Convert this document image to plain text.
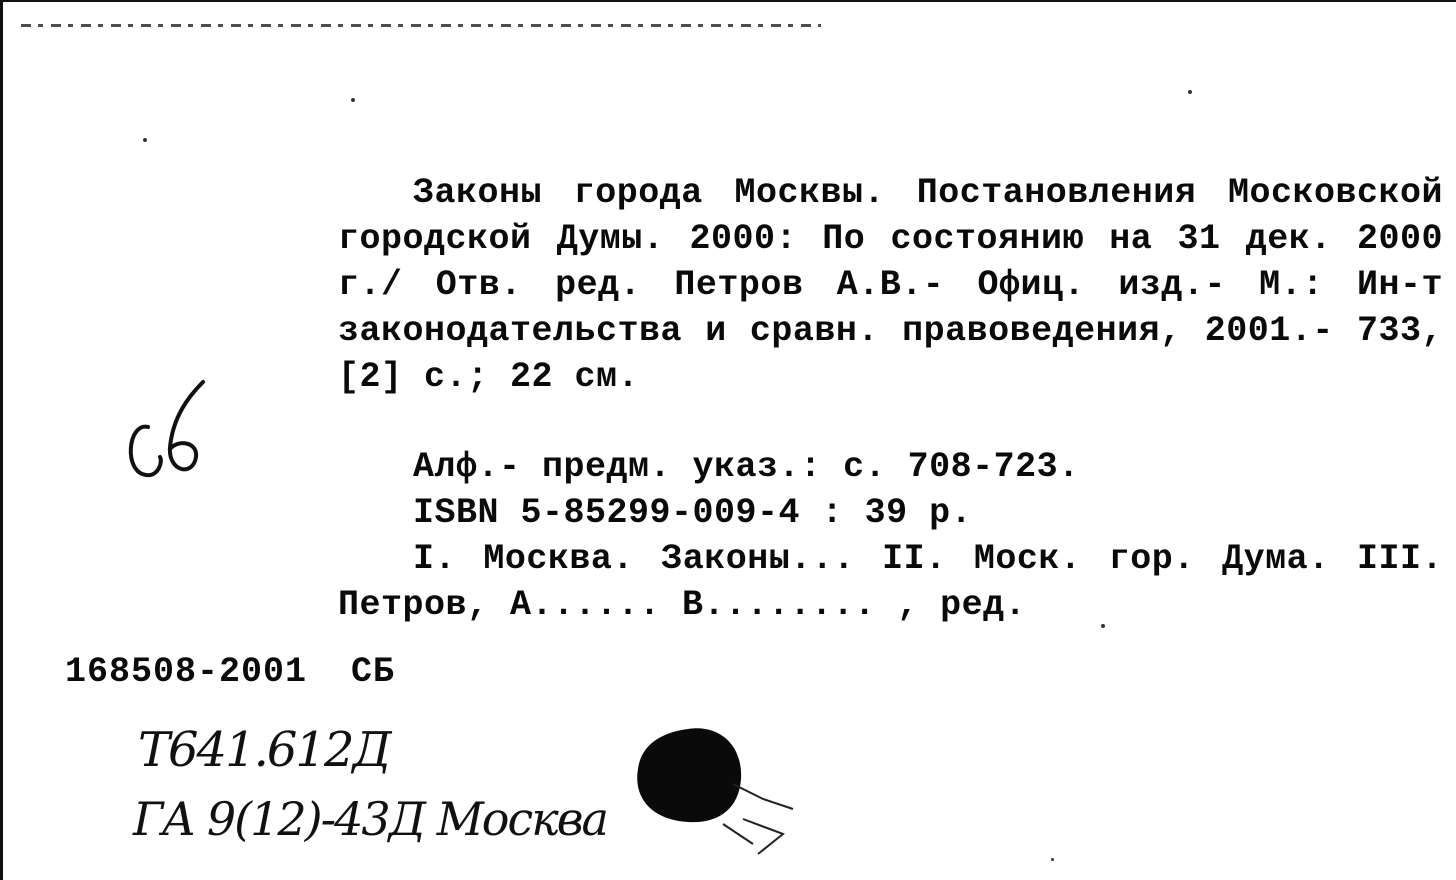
Законы города Москвы. Постановления Московской городской Думы. 2000: По состоянию на 31 дек. 2000 г./ Отв. ред. Петров А.В.- Офиц. изд.- М.: Ин-т законодательства и сравн. правоведения, 2001.- 733, [2] с.; 22 см.

Алф.- предм. указ.: с. 708-723.

ISBN 5-85299-009-4 : 39 р.

I. Москва. Законы... II. Моск. гор. Дума. III. Петров, А...... В........ , ред.

168508-2001  СБ
Т641.612Д
ГА 9(12)-43Д Москва
